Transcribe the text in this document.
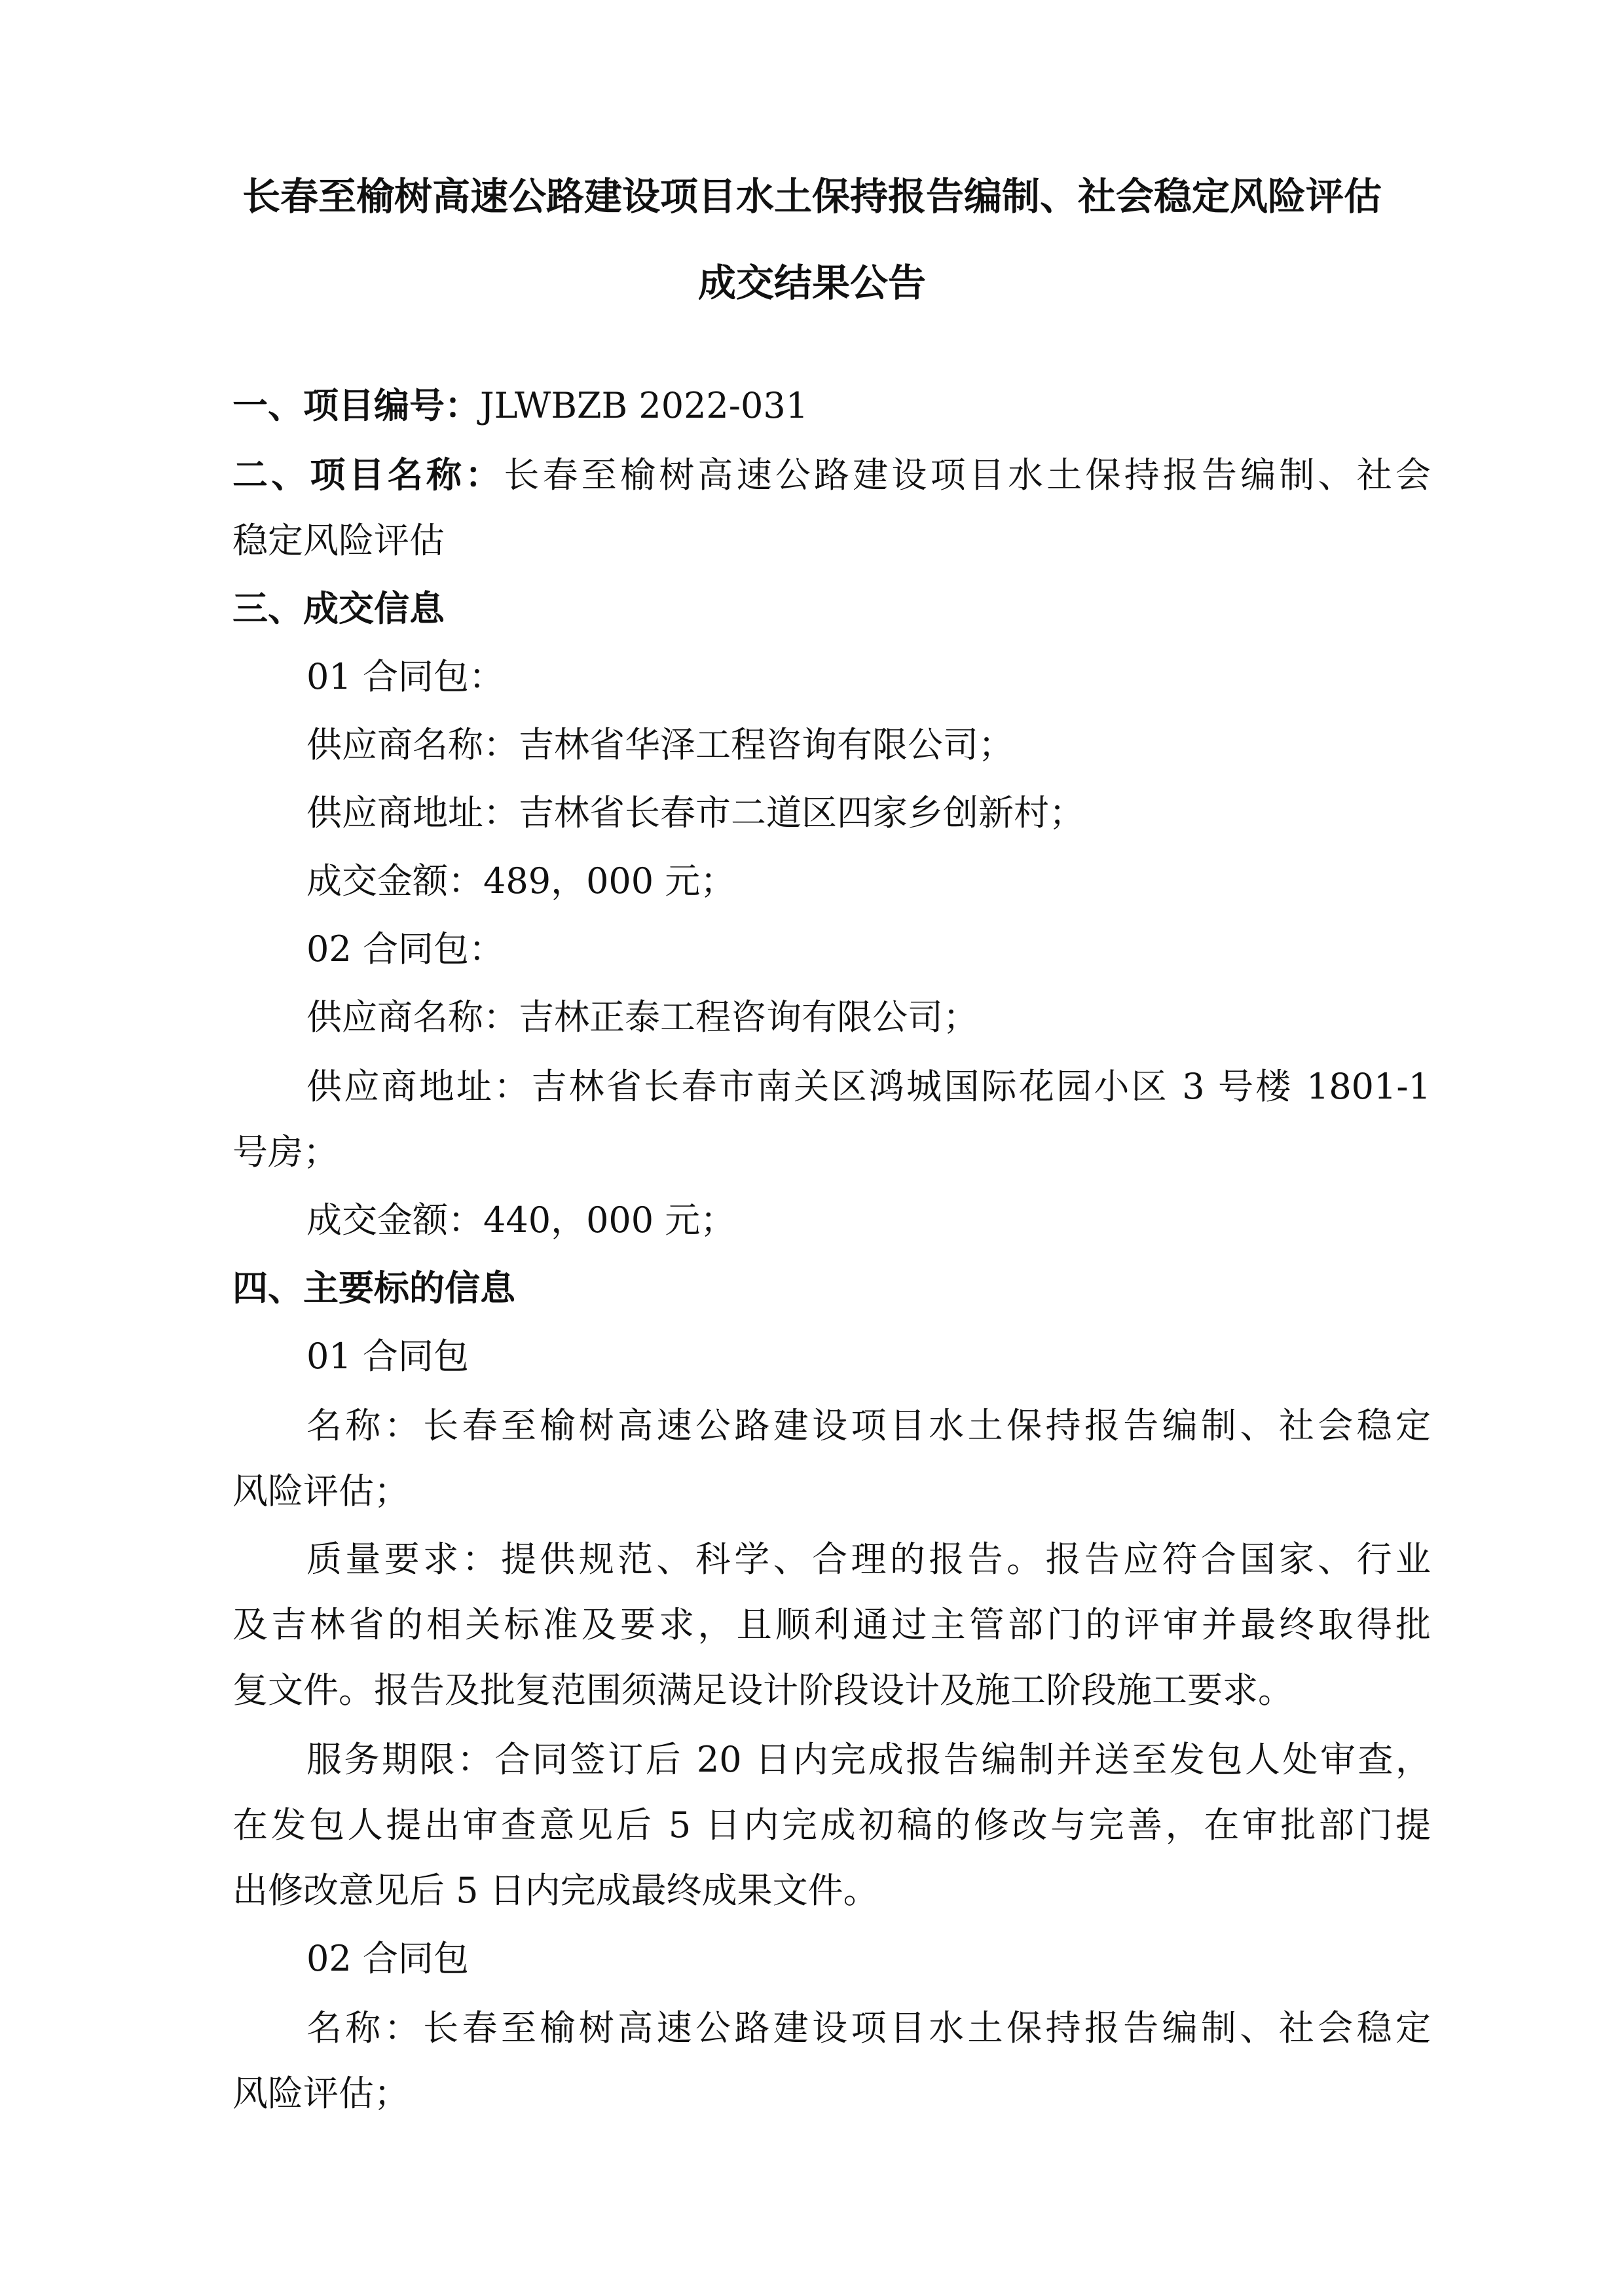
长春至榆树高速公路建设项目水土保持报告编制、社会稳定风险评估
成交结果公告
一、项目编号：JLWBZB 2022-031
二、项目名称：长春至榆树高速公路建设项目水土保持报告编制、社会
稳定风险评估
三、成交信息
01 合同包：
供应商名称：吉林省华泽工程咨询有限公司；
供应商地址：吉林省长春市二道区四家乡创新村；
成交金额：489，000 元；
02 合同包：
供应商名称：吉林正泰工程咨询有限公司；
供应商地址：吉林省长春市南关区鸿城国际花园小区 3 号楼 1801-1
号房；
成交金额：440，000 元；
四、主要标的信息
01 合同包
名称：长春至榆树高速公路建设项目水土保持报告编制、社会稳定
风险评估；
质量要求：提供规范、科学、合理的报告。报告应符合国家、行业
及吉林省的相关标准及要求，且顺利通过主管部门的评审并最终取得批
复文件。报告及批复范围须满足设计阶段设计及施工阶段施工要求。
服务期限：合同签订后 20 日内完成报告编制并送至发包人处审查，
在发包人提出审查意见后 5 日内完成初稿的修改与完善，在审批部门提
出修改意见后 5 日内完成最终成果文件。
02 合同包
名称：长春至榆树高速公路建设项目水土保持报告编制、社会稳定
风险评估；
